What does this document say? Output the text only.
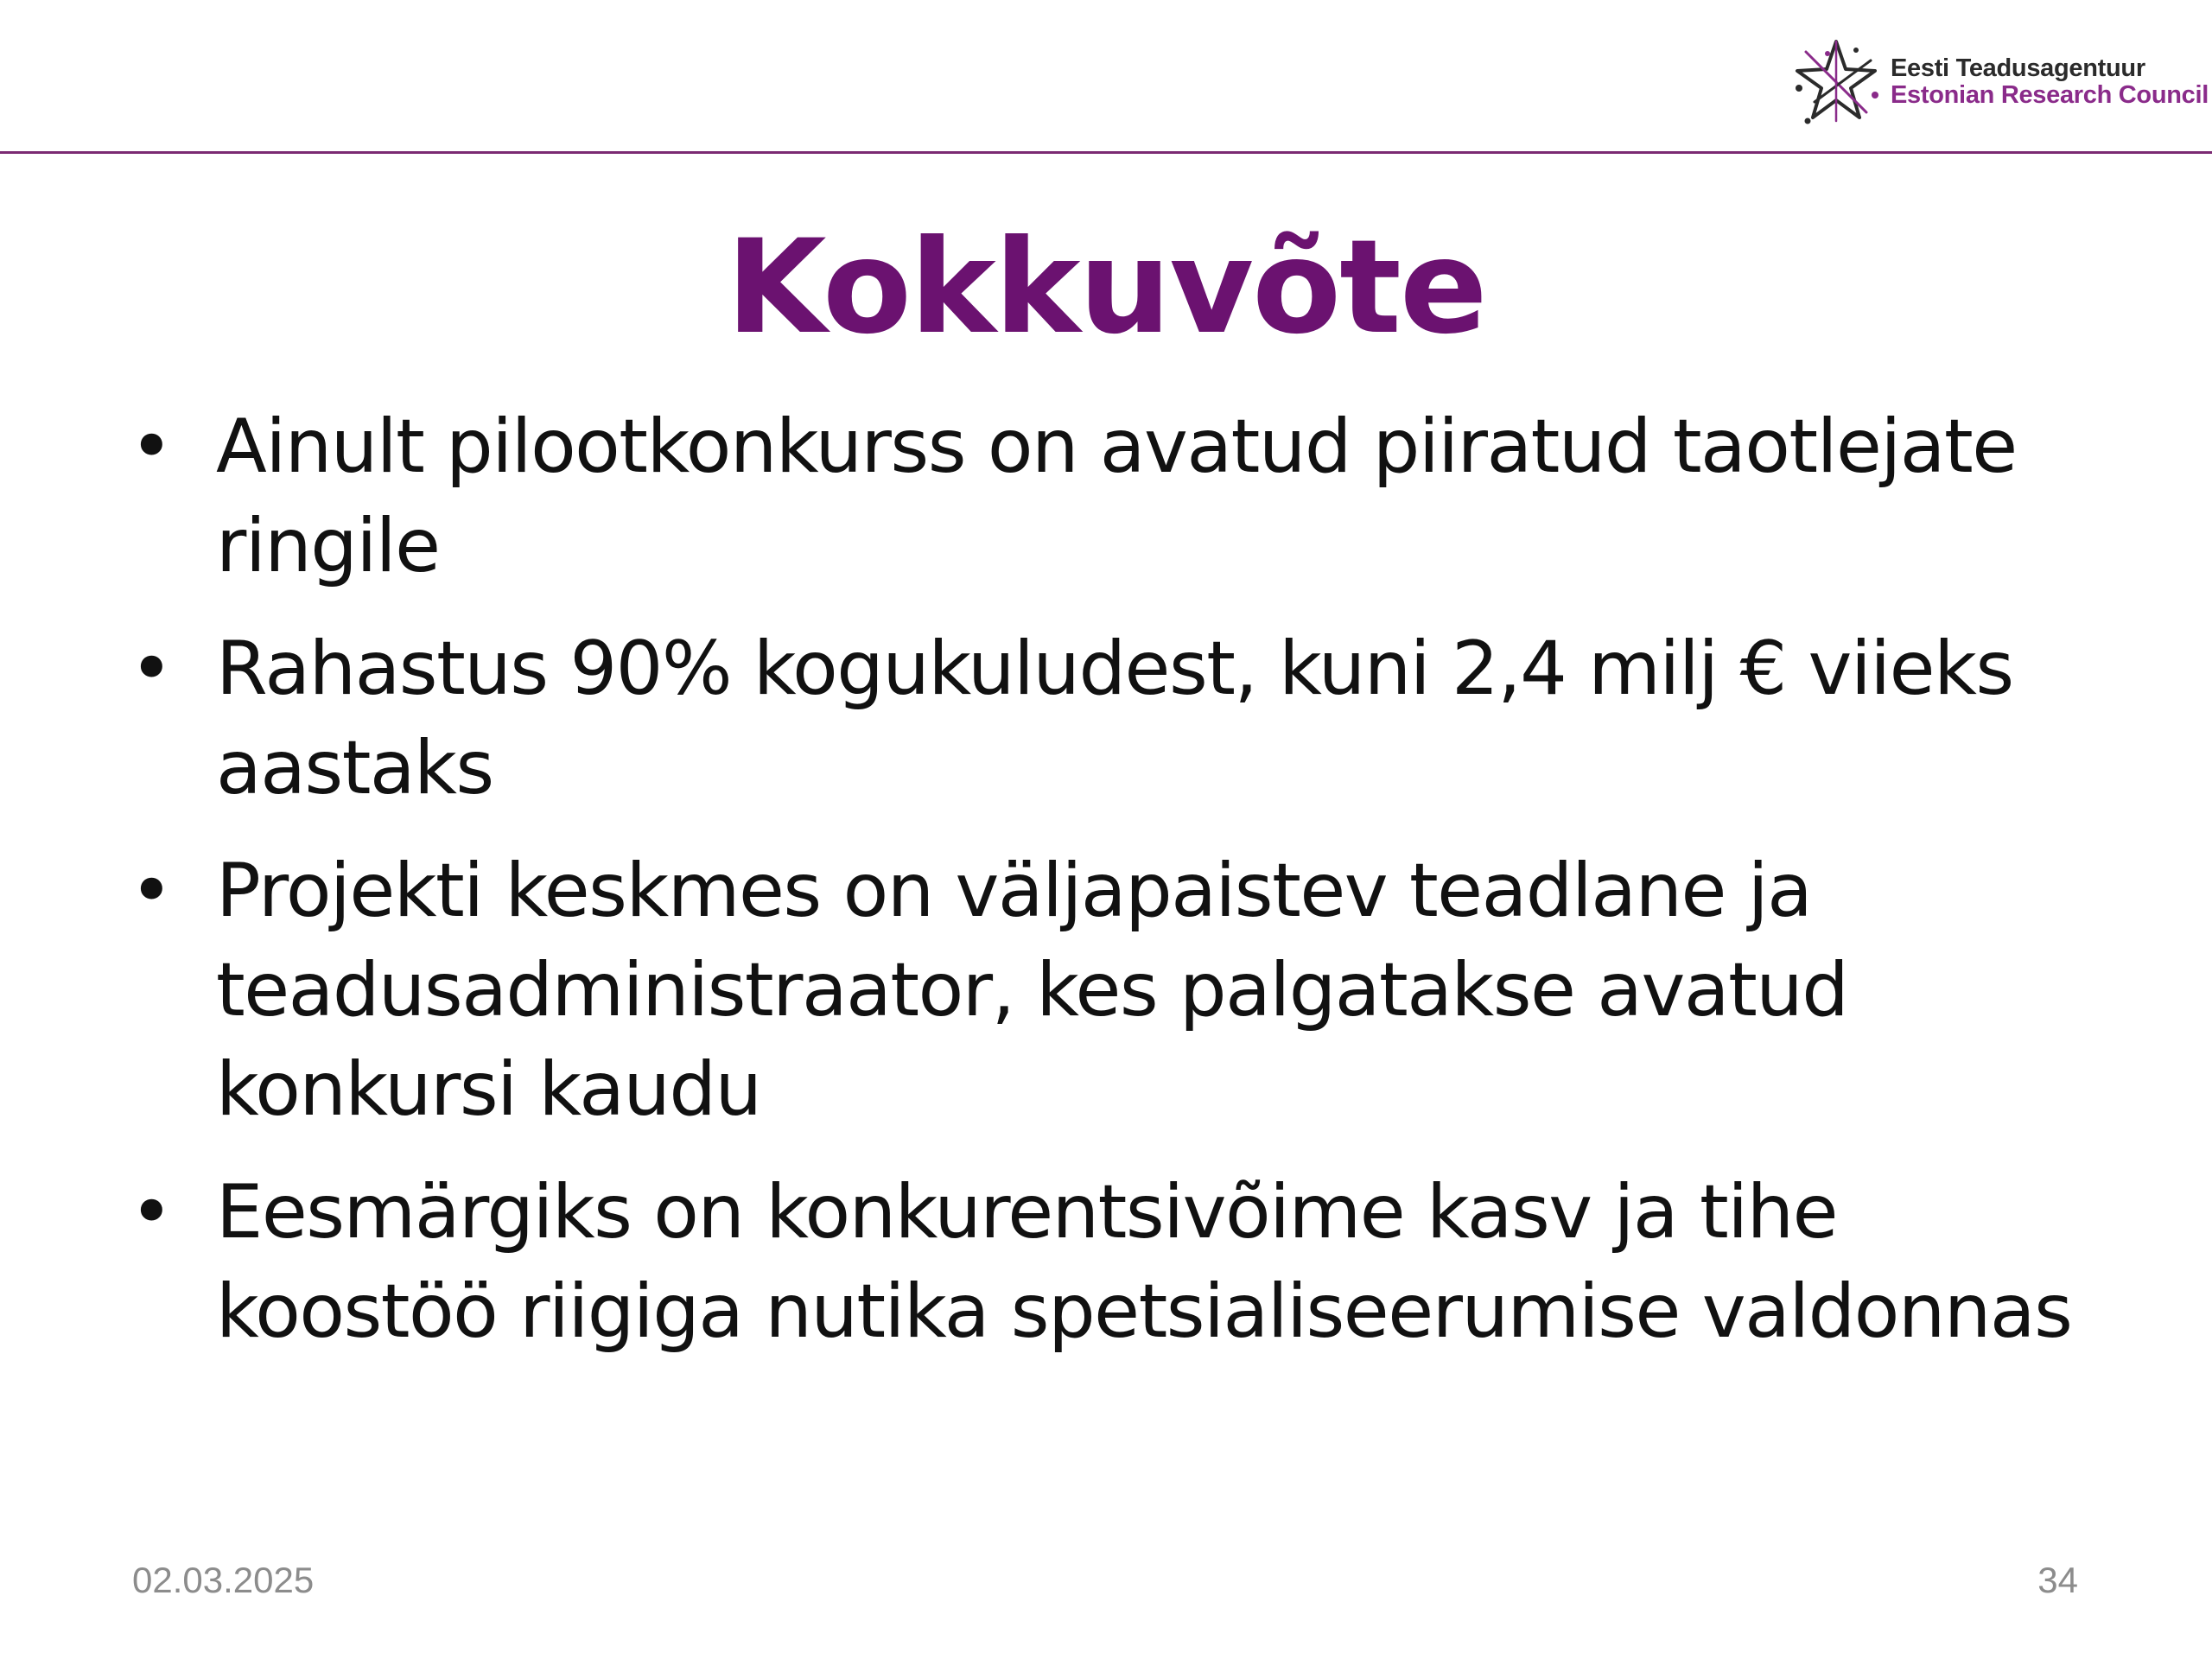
Eesti Teadusagentuur
Estonian Research Council
Kokkuvõte
• Ainult pilootkonkurss on avatud piiratud taotlejate ringile
• Rahastus 90% kogukuludest, kuni 2,4 milj € viieks aastaks
• Projekti keskmes on väljapaistev teadlane ja teadusadministraator, kes palgatakse avatud konkursi kaudu
• Eesmärgiks on konkurentsivõime kasv ja tihe koostöö riigiga nutika spetsialiseerumise valdonnas
02.03.2025	34
